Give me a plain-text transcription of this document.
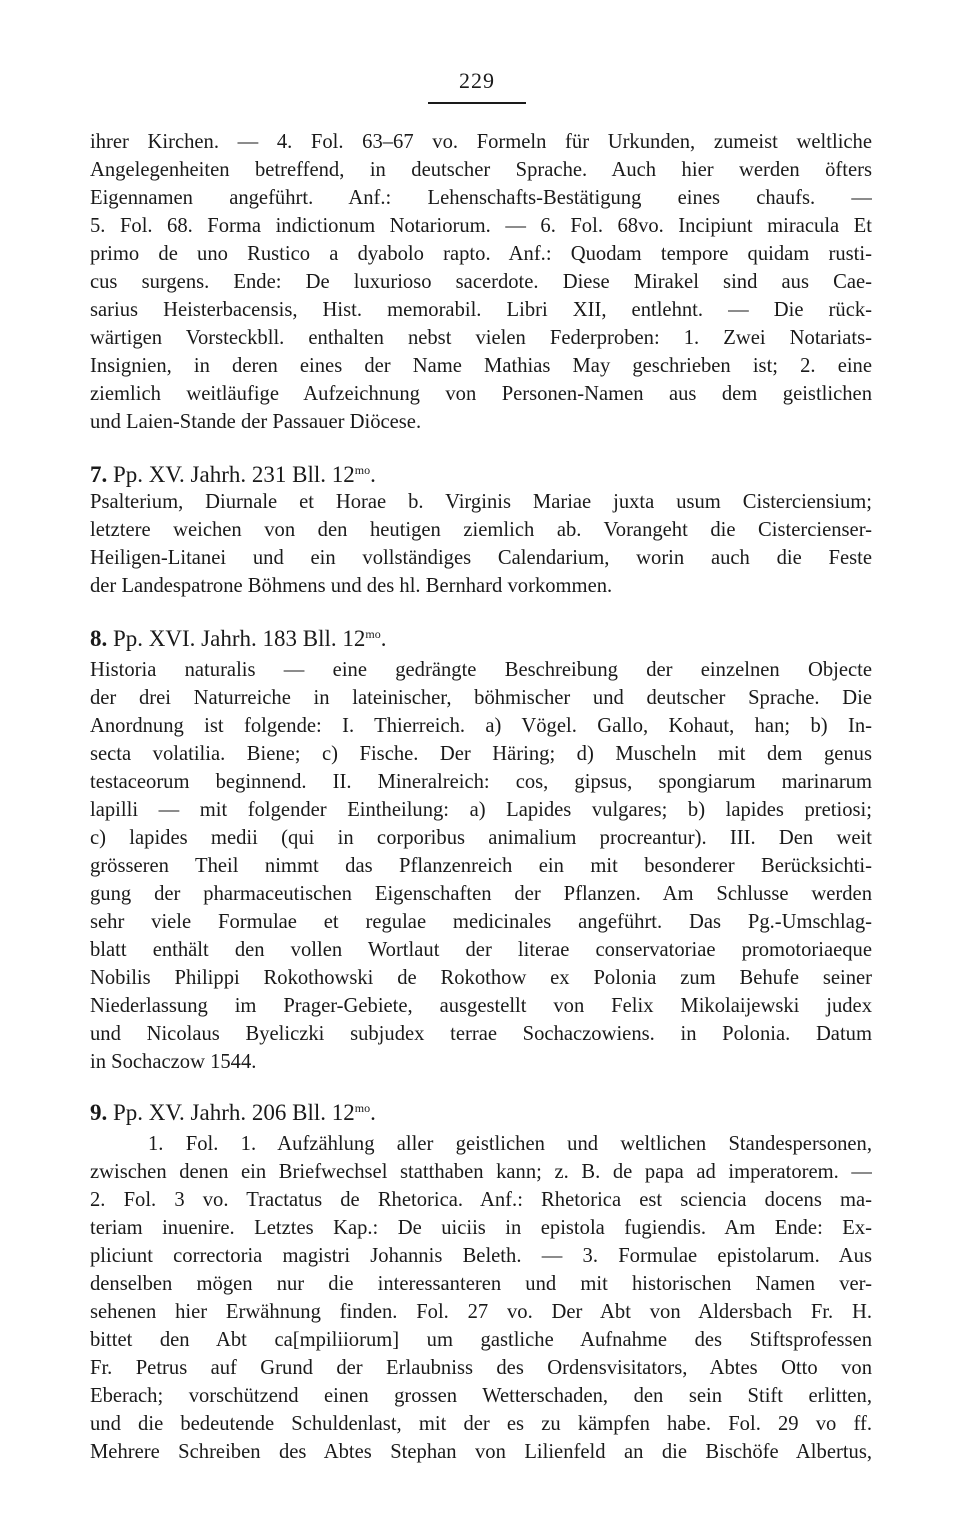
229
ihrer Kirchen. — 4. Fol. 63–67 vo. Formeln für Urkunden, zumeist weltliche
Angelegenheiten betreffend, in deutscher Sprache. Auch hier werden öfters
Eigennamen angeführt. Anf.: Lehenschafts-Bestätigung eines chaufs. —
5. Fol. 68. Forma indictionum Notariorum. — 6. Fol. 68vo. Incipiunt miracula Et
primo de uno Rustico a dyabolo rapto. Anf.: Quodam tempore quidam rusti-
cus surgens. Ende: De luxurioso sacerdote. Diese Mirakel sind aus Cae-
sarius Heisterbacensis, Hist. memorabil. Libri XII, entlehnt. — Die rück-
wärtigen Vorsteckbll. enthalten nebst vielen Federproben: 1. Zwei Notariats-
Insignien, in deren eines der Name Mathias May geschrieben ist; 2. eine
ziemlich weitläufige Aufzeichnung von Personen-Namen aus dem geistlichen
und Laien-Stande der Passauer Diöcese.
7. Pp. XV. Jahrh. 231 Bll. $12^{mo}$.
Psalterium, Diurnale et Horae b. Virginis Mariae juxta usum Cisterciensium;
letztere weichen von den heutigen ziemlich ab. Vorangeht die Cistercienser-
Heiligen-Litanei und ein vollständiges Calendarium, worin auch die Feste
der Landespatrone Böhmens und des hl. Bernhard vorkommen.
8. Pp. XVI. Jahrh. 183 Bll. $12^{mo}$.
Historia naturalis — eine gedrängte Beschreibung der einzelnen Objecte
der drei Naturreiche in lateinischer, böhmischer und deutscher Sprache. Die
Anordnung ist folgende: I. Thierreich. a) Vögel. Gallo, Kohaut, han; b) In-
secta volatilia. Biene; c) Fische. Der Häring; d) Muscheln mit dem genus
testaceorum beginnend. II. Mineralreich: cos, gipsus, spongiarum marinarum
lapilli — mit folgender Eintheilung: a) Lapides vulgares; b) lapides pretiosi;
c) lapides medii (qui in corporibus animalium procreantur). III. Den weit
grösseren Theil nimmt das Pflanzenreich ein mit besonderer Berücksichti-
gung der pharmaceutischen Eigenschaften der Pflanzen. Am Schlusse werden
sehr viele Formulae et regulae medicinales angeführt. Das Pg.-Umschlag-
blatt enthält den vollen Wortlaut der literae conservatoriae promotoriaeque
Nobilis Philippi Rokothowski de Rokothow ex Polonia zum Behufe seiner
Niederlassung im Prager-Gebiete, ausgestellt von Felix Mikolaijewski judex
und Nicolaus Byeliczki subjudex terrae Sochaczowiens. in Polonia. Datum
in Sochaczow 1544.
9. Pp. XV. Jahrh. 206 Bll. $12^{mo}$.
1. Fol. 1. Aufzählung aller geistlichen und weltlichen Standespersonen,
zwischen denen ein Briefwechsel statthaben kann; z. B. de papa ad imperatorem. —
2. Fol. 3 vo. Tractatus de Rhetorica. Anf.: Rhetorica est sciencia docens ma-
teriam inuenire. Letztes Kap.: De uiciis in epistola fugiendis. Am Ende: Ex-
pliciunt correctoria magistri Johannis Beleth. — 3. Formulae epistolarum. Aus
denselben mögen nur die interessanteren und mit historischen Namen ver-
sehenen hier Erwähnung finden. Fol. 27 vo. Der Abt von Aldersbach Fr. H.
bittet den Abt ca[mpiliiorum] um gastliche Aufnahme des Stiftsprofessen
Fr. Petrus auf Grund der Erlaubniss des Ordensvisitators, Abtes Otto von
Eberach; vorschützend einen grossen Wetterschaden, den sein Stift erlitten,
und die bedeutende Schuldenlast, mit der es zu kämpfen habe. Fol. 29 vo ff.
Mehrere Schreiben des Abtes Stephan von Lilienfeld an die Bischöfe Albertus,
